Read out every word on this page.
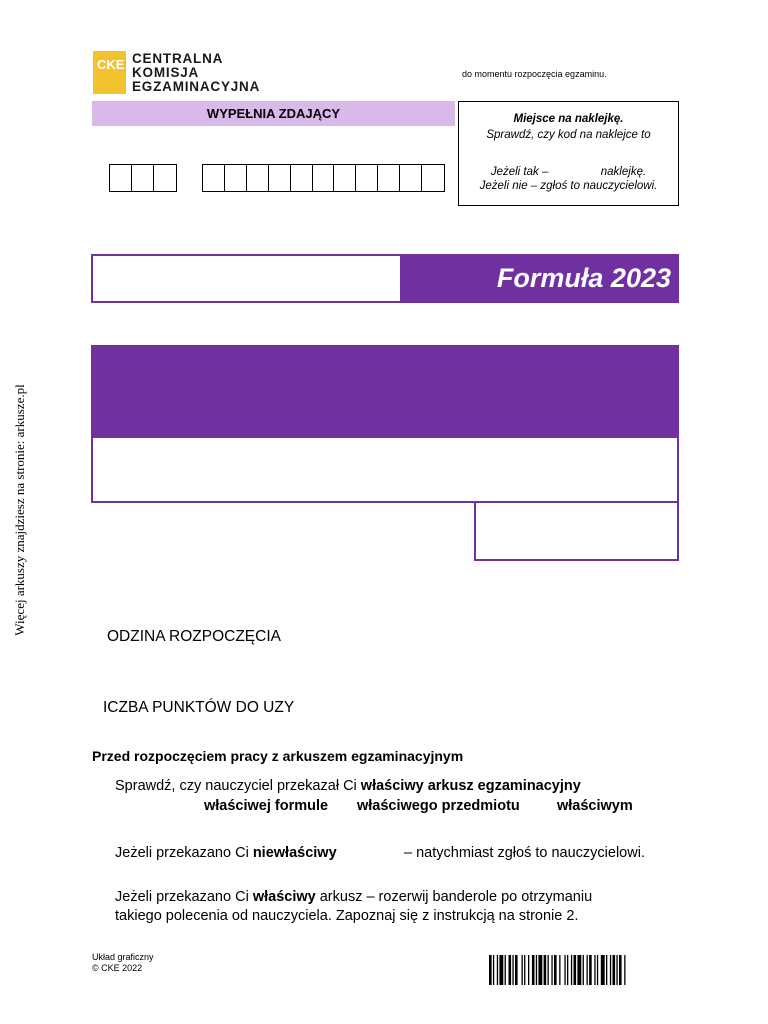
CKE CENTRALNA
KOMISJA
EGZAMINACYJNA
do momentu rozpoczęcia egzaminu.
WYPEŁNIA ZDAJĄCY	Miejsce na naklejkę.
Sprawdź, czy kod na naklejce to
Jeżeli tak –	naklejkę.
Jeżeli nie – zgłoś to nauczycielowi.
Formuła 2023
Więcej arkuszy znajdziesz na stronie: arkusze.pl
ODZINA ROZPOCZĘCIA
ICZBA PUNKTÓW DO UZY
Przed rozpoczęciem pracy z arkuszem egzaminacyjnym
Sprawdź, czy nauczyciel przekazał Ci właściwy arkusz egzaminacyjny
właściwej formule właściwego przedmiotu	właściwym
Jeżeli przekazano Ci niewłaściwy	– natychmiast zgłoś to nauczycielowi.
Jeżeli przekazano Ci właściwy arkusz – rozerwij banderole po otrzymaniu
takiego polecenia od nauczyciela. Zapoznaj się z instrukcją na stronie 2.
Układ graficzny
© CKE 2022
